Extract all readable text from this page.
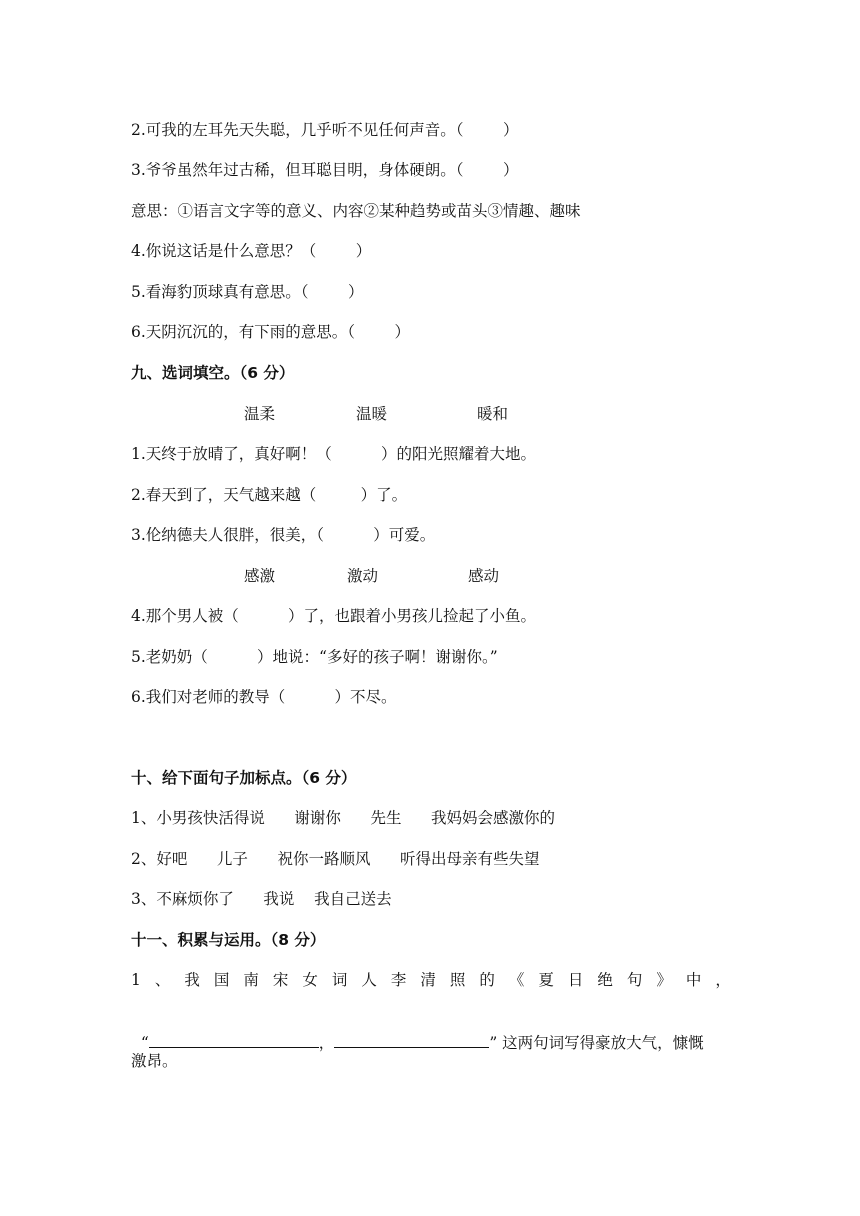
2.可我的左耳先天失聪，几乎听不见任何声音。（        ）
3.爷爷虽然年过古稀，但耳聪目明，身体硬朗。（        ）
意思：①语言文字等的意义、内容②某种趋势或苗头③情趣、趣味
4.你说这话是什么意思？（        ）
5.看海豹顶球真有意思。（        ）
6.天阴沉沉的，有下雨的意思。（        ）
九、选词填空。（6 分）
温柔	温暖	暖和
1.天终于放晴了，真好啊！（          ）的阳光照耀着大地。
2.春天到了，天气越来越（         ）了。
3.伦纳德夫人很胖，很美，（          ）可爱。
感激	激动	感动
4.那个男人被（          ）了，也跟着小男孩儿捡起了小鱼。
5.老奶奶（          ）地说：“多好的孩子啊！谢谢你。”
6.我们对老师的教导（          ）不尽。
十、给下面句子加标点。（6 分）
1、小男孩快活得说      谢谢你      先生      我妈妈会感激你的
2、好吧      儿子      祝你一路顺风      听得出母亲有些失望
3、不麻烦你了      我说    我自己送去
十一、积累与运用。（8 分）
1 、 我 国 南 宋 女 词 人 李 清 照 的 《 夏 日 绝 句 》 中 ，

“	，	” 这两句词写得豪放大气，慷慨

激昂。
